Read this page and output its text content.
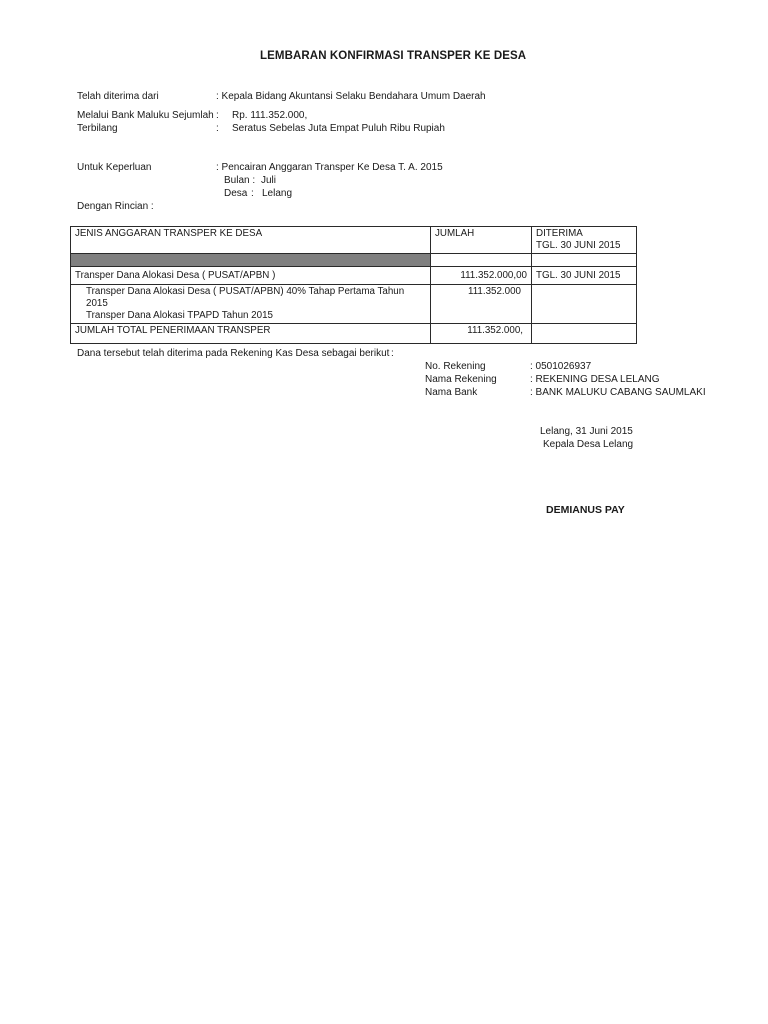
LEMBARAN KONFIRMASI TRANSPER KE DESA
Telah diterima dari	: Kepala Bidang Akuntansi Selaku Bendahara Umum Daerah
Melalui Bank Maluku Sejumlah : Rp. 111.352.000,
Terbilang	: Seratus Sebelas Juta Empat Puluh Ribu Rupiah
Untuk Keperluan	: Pencairan Anggaran Transper Ke Desa T. A. 2015
Bulan : Juli
Desa : Lelang
Dengan Rincian :
JENIS ANGGARAN TRANSPER KE DESA	JUMLAH	DITERIMA
TGL. 30 JUNI 2015

Transper Dana Alokasi Desa ( PUSAT/APBN )	111.352.000,00	TGL. 30 JUNI 2015

Transper Dana Alokasi Desa ( PUSAT/APBN) 40% Tahap Pertama Tahun 2015
Transper Dana Alokasi TPAPD Tahun 2015	111.352.000	
JUMLAH TOTAL PENERIMAAN TRANSPER	111.352.000,	
Dana tersebut telah diterima pada Rekening Kas Desa sebagai berikut :
No. Rekening	: 0501026937
Nama Rekening	: REKENING DESA LELANG
Nama Bank	: BANK MALUKU CABANG SAUMLAKI
Lelang, 31 Juni 2015
Kepala Desa Lelang
DEMIANUS PAY
